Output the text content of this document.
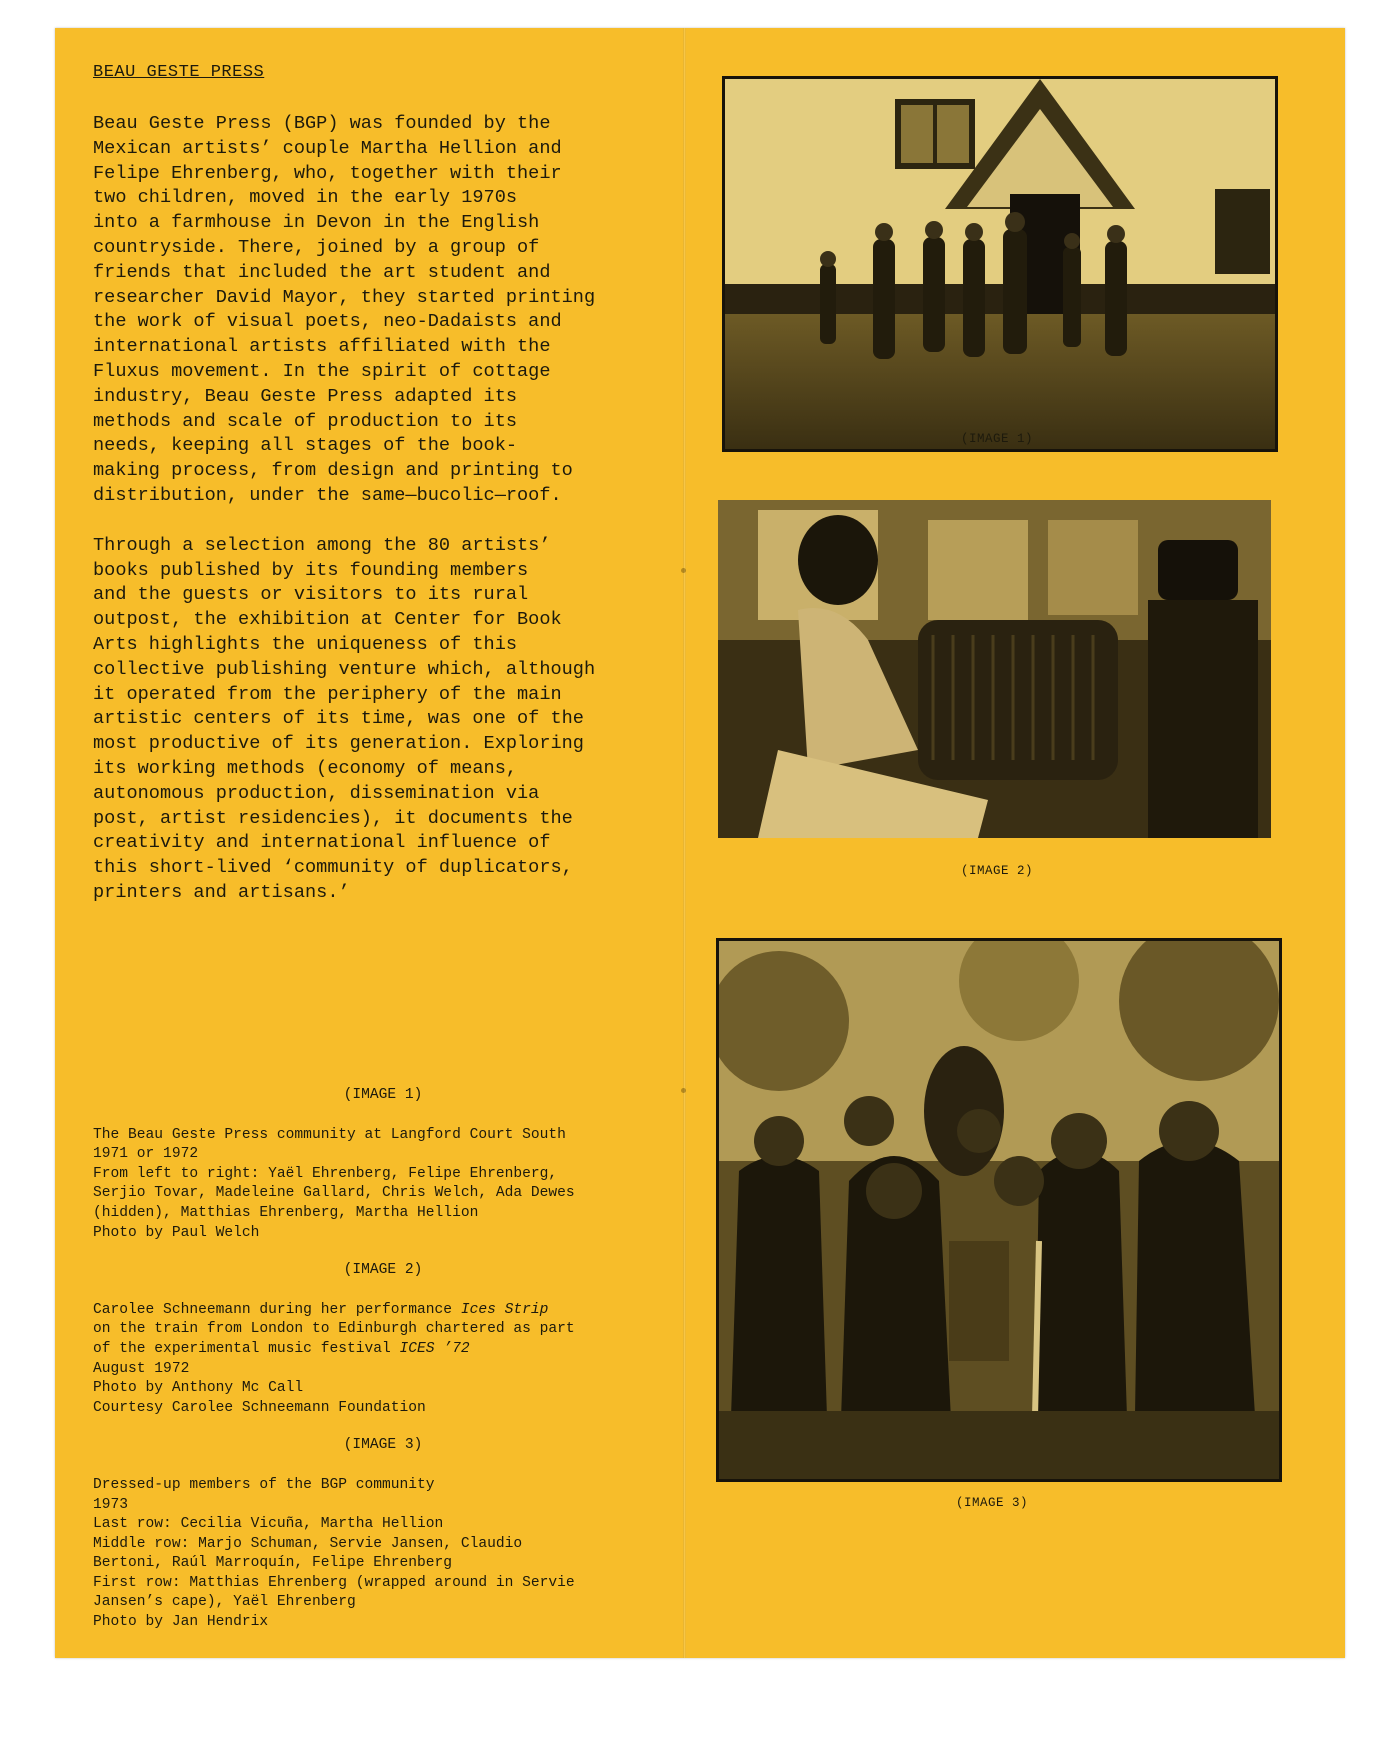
BEAU GESTE PRESS
Beau Geste Press (BGP) was founded by the
Mexican artists’ couple Martha Hellion and
Felipe Ehrenberg, who, together with their
two children, moved in the early 1970s
into a farmhouse in Devon in the English
countryside. There, joined by a group of
friends that included the art student and
researcher David Mayor, they started printing
the work of visual poets, neo-Dadaists and
international artists affiliated with the
Fluxus movement. In the spirit of cottage
industry, Beau Geste Press adapted its
methods and scale of production to its
needs, keeping all stages of the book-
making process, from design and printing to
distribution, under the same—bucolic—roof.
Through a selection among the 80 artists’
books published by its founding members
and the guests or visitors to its rural
outpost, the exhibition at Center for Book
Arts highlights the uniqueness of this
collective publishing venture which, although
it operated from the periphery of the main
artistic centers of its time, was one of the
most productive of its generation. Exploring
its working methods (economy of means,
autonomous production, dissemination via
post, artist residencies), it documents the
creativity and international influence of
this short-lived ‘community of duplicators,
printers and artisans.’
(IMAGE 1)
The Beau Geste Press community at Langford Court South
1971 or 1972
From left to right: Yaël Ehrenberg, Felipe Ehrenberg,
Serjio Tovar, Madeleine Gallard, Chris Welch, Ada Dewes
(hidden), Matthias Ehrenberg, Martha Hellion
Photo by Paul Welch
(IMAGE 2)
Carolee Schneemann during her performance Ices Strip
on the train from London to Edinburgh chartered as part
of the experimental music festival ICES ’72
August 1972
Photo by Anthony Mc Call
Courtesy Carolee Schneemann Foundation
(IMAGE 3)
Dressed-up members of the BGP community
1973
Last row: Cecilia Vicuña, Martha Hellion
Middle row: Marjo Schuman, Servie Jansen, Claudio
Bertoni, Raúl Marroquín, Felipe Ehrenberg
First row: Matthias Ehrenberg (wrapped around in Servie
Jansen’s cape), Yaël Ehrenberg
Photo by Jan Hendrix
(IMAGE 1)
(IMAGE 2)
(IMAGE 3)
